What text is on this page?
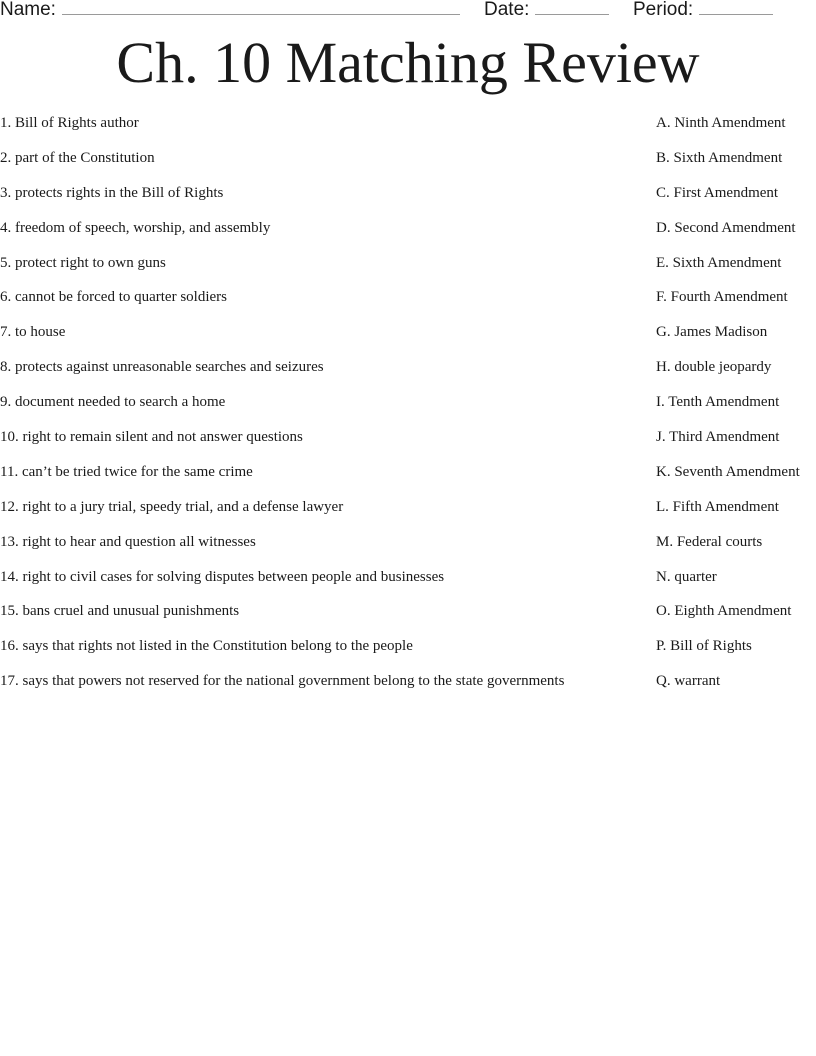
Name:	Date:	Period:
Ch. 10 Matching Review
1. Bill of Rights author
2. part of the Constitution
3. protects rights in the Bill of Rights
4. freedom of speech, worship, and assembly
5. protect right to own guns
6. cannot be forced to quarter soldiers
7. to house
8. protects against unreasonable searches and seizures
9. document needed to search a home
10. right to remain silent and not answer questions
11. can’t be tried twice for the same crime
12. right to a jury trial, speedy trial, and a defense lawyer
13. right to hear and question all witnesses
14. right to civil cases for solving disputes between people and businesses
15. bans cruel and unusual punishments
16. says that rights not listed in the Constitution belong to the people
17. says that powers not reserved for the national government belong to the state governments
A. Ninth Amendment
B. Sixth Amendment
C. First Amendment
D. Second Amendment
E. Sixth Amendment
F. Fourth Amendment
G. James Madison
H. double jeopardy
I. Tenth Amendment
J. Third Amendment
K. Seventh Amendment
L. Fifth Amendment
M. Federal courts
N. quarter
O. Eighth Amendment
P. Bill of Rights
Q. warrant
